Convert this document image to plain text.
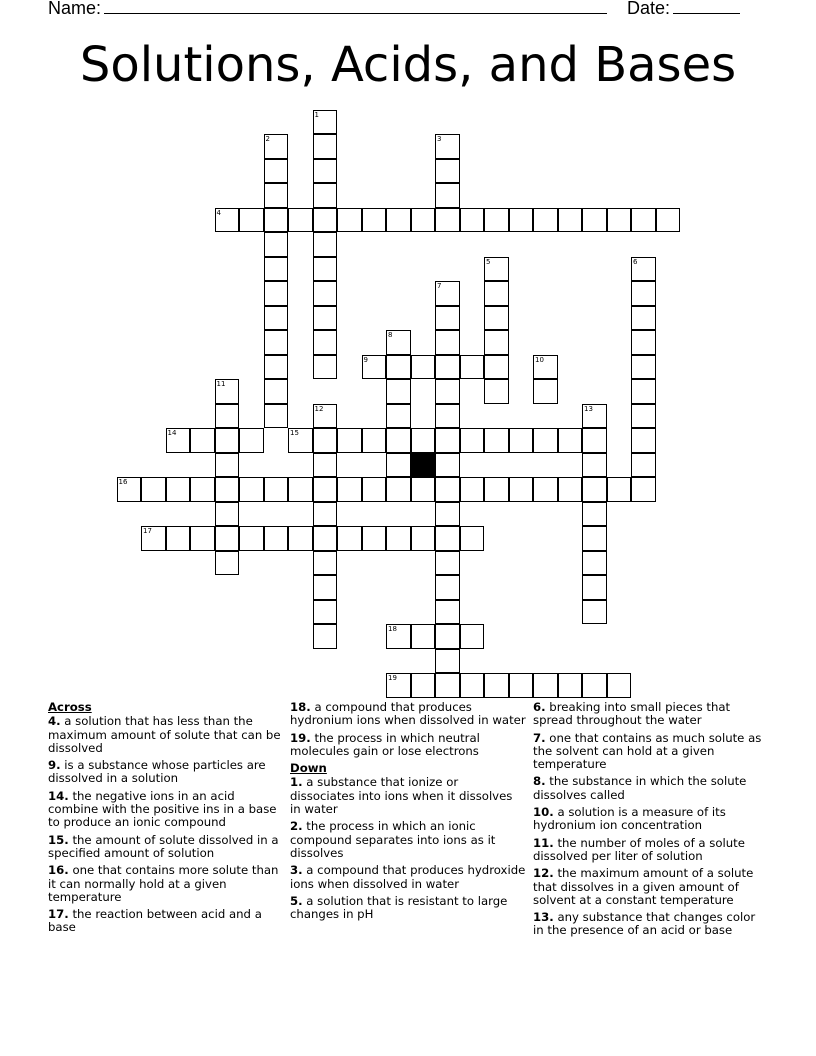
Name:	Date:
Solutions, Acids, and Bases
1
2	3
4
5	6
7
8
9	10
11
12	13
14	15
16
17
18
19
Across
4. a solution that has less than the maximum amount of solute that can be dissolved
9. is a substance whose particles are dissolved in a solution
14. the negative ions in an acid combine with the positive ins in a base to produce an ionic compound
15. the amount of solute dissolved in a specified amount of solution
16. one that contains more solute than it can normally hold at a given temperature
17. the reaction between acid and a base
18. a compound that produces hydronium ions when dissolved in water
19. the process in which neutral molecules gain or lose electrons
Down
1. a substance that ionize or dissociates into ions when it dissolves in water
2. the process in which an ionic compound separates into ions as it dissolves
3. a compound that produces hydroxide ions when dissolved in water
5. a solution that is resistant to large changes in pH
6. breaking into small pieces that spread throughout the water
7. one that contains as much solute as the solvent can hold at a given temperature
8. the substance in which the solute dissolves called
10. a solution is a measure of its hydronium ion concentration
11. the number of moles of a solute dissolved per liter of solution
12. the maximum amount of a solute that dissolves in a given amount of solvent at a constant temperature
13. any substance that changes color in the presence of an acid or base
